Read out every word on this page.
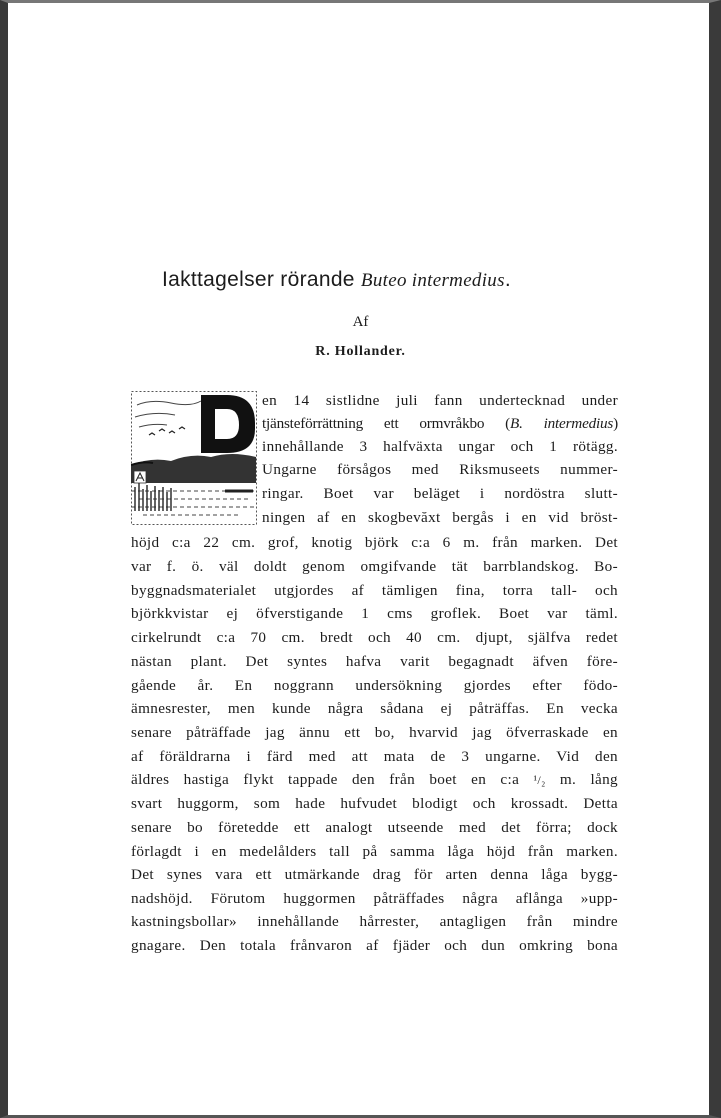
Iakttagelser rörande Buteo intermedius.
Af
R. Hollander.
en 14 sistlidne juli fann undertecknad under
tjänsteförrättning ett ormvråkbo (B. intermedius)
innehållande 3 halfväxta ungar och 1 rötägg.
Ungarne försågos med Riksmuseets nummer-
ringar. Boet var beläget i nordöstra slutt-
ningen af en skogbevăxt bergås i en vid bröst-
höjd c:a 22 cm. grof, knotig björk c:a 6 m. från marken. Det
var f. ö. väl doldt genom omgifvande tät barrblandskog. Bo-
byggnadsmaterialet utgjordes af tämligen fina, torra tall- och
björkkvistar ej öfverstigande 1 cms groflek. Boet var täml.
cirkelrundt c:a 70 cm. bredt och 40 cm. djupt, själfva redet
nästan plant. Det syntes hafva varit begagnadt äfven före-
gående år. En noggrann undersökning gjordes efter födo-
ämnesrester, men kunde några sådana ej påträffas. En vecka
senare påträffade jag ännu ett bo, hvarvid jag öfverraskade en
af föräldrarna i färd med att mata de 3 ungarne. Vid den
äldres hastiga flykt tappade den från boet en c:a ¹/₂ m. lång
svart huggorm, som hade hufvudet blodigt och krossadt. Detta
senare bo företedde ett analogt utseende med det förra; dock
förlagdt i en medelålders tall på samma låga höjd från marken.
Det synes vara ett utmärkande drag för arten denna låga bygg-
nadshöjd. Förutom huggormen påträffades några aflånga »upp-
kastningsbollar» innehållande hårrester, antagligen från mindre
gnagare. Den totala frånvaron af fjäder och dun omkring bona
